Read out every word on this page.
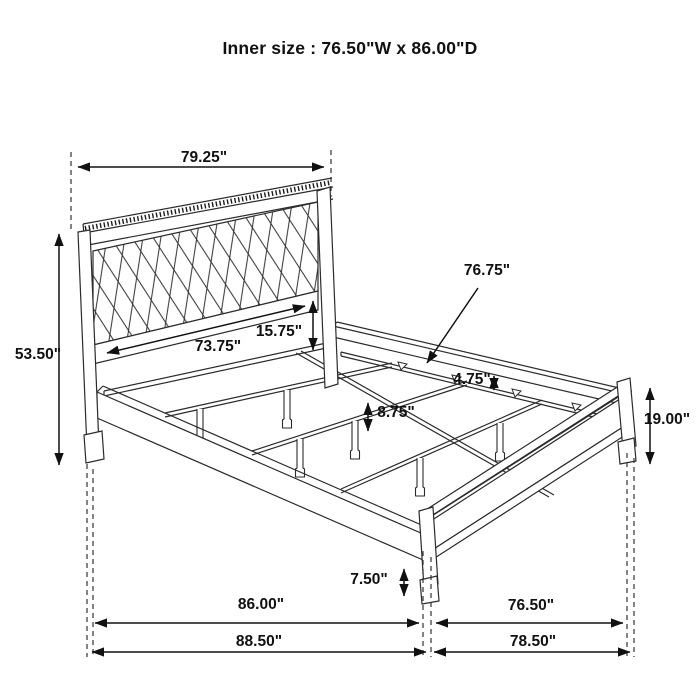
Inner size : 76.50"W x 86.00"D
79.25"
53.50"	73.75"
15.75"
76.75"
4.75"
8.75"	19.00"
7.50"
86.00"
88.50"
76.50"
78.50"
